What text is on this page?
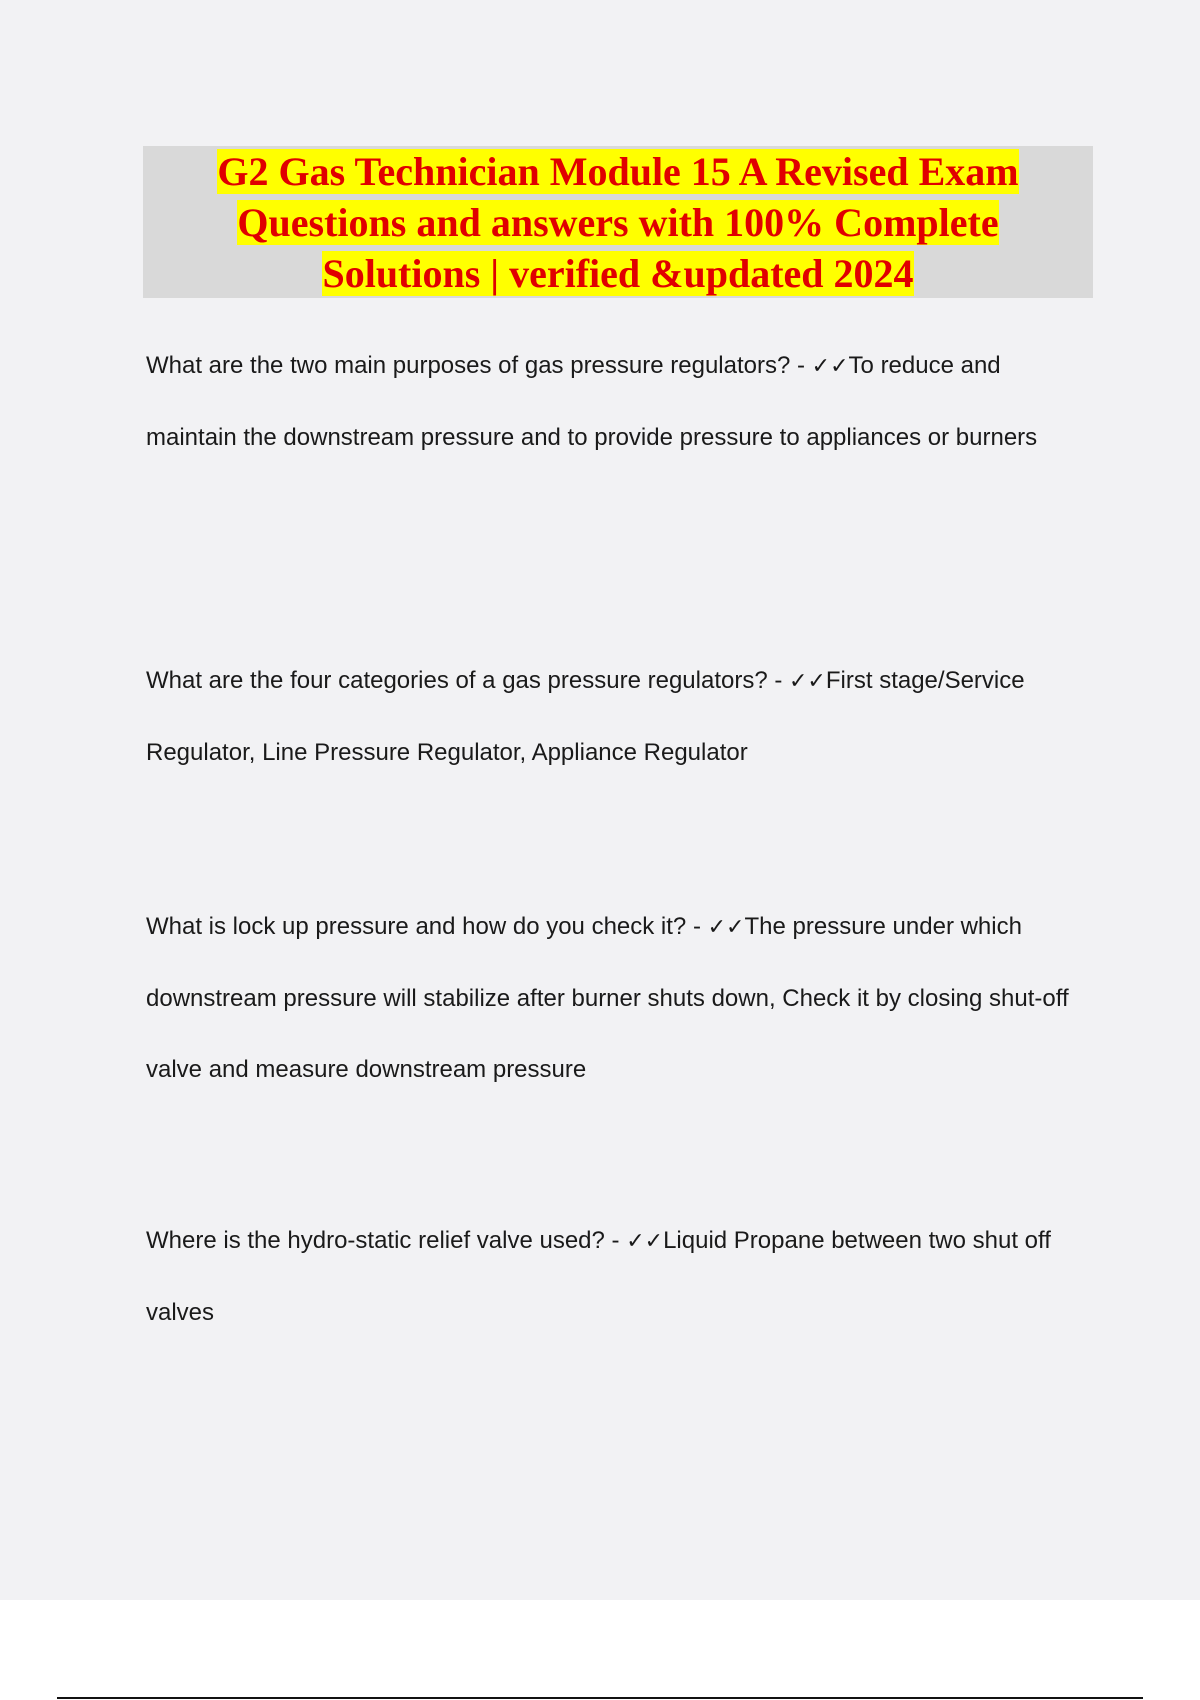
G2 Gas Technician Module 15 A Revised Exam Questions and answers with 100% Complete Solutions | verified &updated 2024

What are the two main purposes of gas pressure regulators? - ✓✓To reduce and maintain the downstream pressure and to provide pressure to appliances or burners

What are the four categories of a gas pressure regulators? - ✓✓First stage/Service Regulator, Line Pressure Regulator, Appliance Regulator

What is lock up pressure and how do you check it? - ✓✓The pressure under which downstream pressure will stabilize after burner shuts down, Check it by closing shut-off valve and measure downstream pressure

Where is the hydro-static relief valve used? - ✓✓Liquid Propane between two shut off valves
